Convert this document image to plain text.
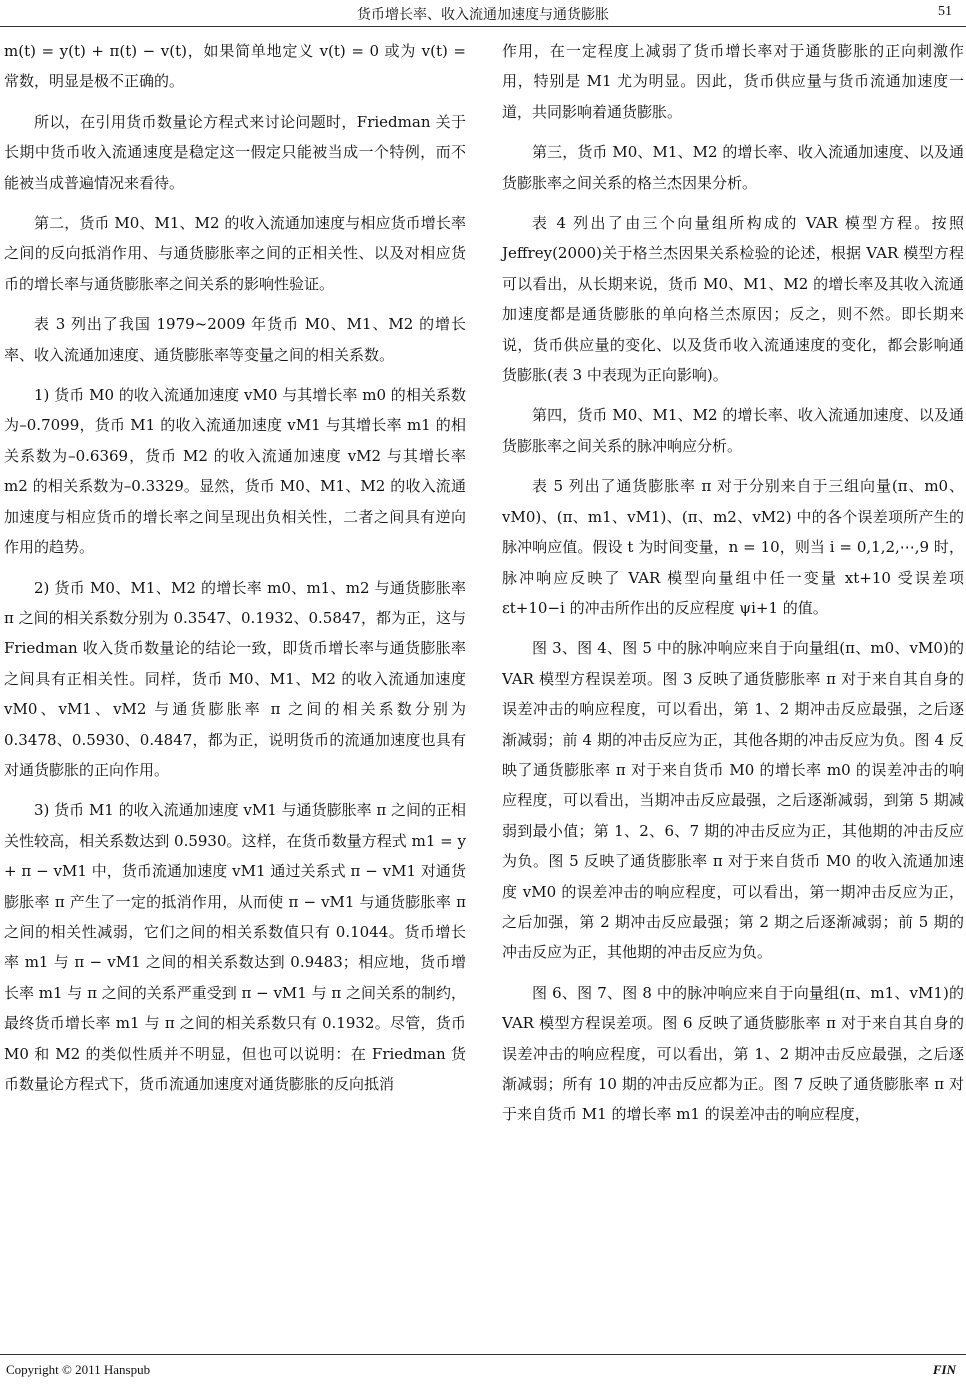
货币增长率、收入流通加速度与通货膨胀	51

m(t) = y(t) + π(t) − v(t)，如果简单地定义 v(t) = 0 或为 v(t) = 常数，明显是极不正确的。

所以，在引用货币数量论方程式来讨论问题时，Friedman 关于长期中货币收入流通速度是稳定这一假定只能被当成一个特例，而不能被当成普遍情况来看待。

第二，货币 M0、M1、M2 的收入流通加速度与相应货币增长率之间的反向抵消作用、与通货膨胀率之间的正相关性、以及对相应货币的增长率与通货膨胀率之间关系的影响性验证。

表 3 列出了我国 1979~2009 年货币 M0、M1、M2 的增长率、收入流通加速度、通货膨胀率等变量之间的相关系数。

1) 货币 M0 的收入流通加速度 vM0 与其增长率 m0 的相关系数为–0.7099，货币 M1 的收入流通加速度 vM1 与其增长率 m1 的相关系数为–0.6369，货币 M2 的收入流通加速度 vM2 与其增长率 m2 的相关系数为–0.3329。显然，货币 M0、M1、M2 的收入流通加速度与相应货币的增长率之间呈现出负相关性，二者之间具有逆向作用的趋势。

2) 货币 M0、M1、M2 的增长率 m0、m1、m2 与通货膨胀率 π 之间的相关系数分别为 0.3547、0.1932、0.5847，都为正，这与 Friedman 收入货币数量论的结论一致，即货币增长率与通货膨胀率之间具有正相关性。同样，货币 M0、M1、M2 的收入流通加速度 vM0、vM1、vM2 与通货膨胀率 π 之间的相关系数分别为 0.3478、0.5930、0.4847，都为正，说明货币的流通加速度也具有对通货膨胀的正向作用。

3) 货币 M1 的收入流通加速度 vM1 与通货膨胀率 π 之间的正相关性较高，相关系数达到 0.5930。这样，在货币数量方程式 m1 = y + π − vM1 中，货币流通加速度 vM1 通过关系式 π − vM1 对通货膨胀率 π 产生了一定的抵消作用，从而使 π − vM1 与通货膨胀率 π 之间的相关性减弱，它们之间的相关系数值只有 0.1044。货币增长率 m1 与 π − vM1 之间的相关系数达到 0.9483；相应地，货币增长率 m1 与 π 之间的关系严重受到 π − vM1 与 π 之间关系的制约，最终货币增长率 m1 与 π 之间的相关系数只有 0.1932。尽管，货币 M0 和 M2 的类似性质并不明显，但也可以说明：在 Friedman 货币数量论方程式下，货币流通加速度对通货膨胀的反向抵消

作用，在一定程度上减弱了货币增长率对于通货膨胀的正向刺激作用，特别是 M1 尤为明显。因此，货币供应量与货币流通加速度一道，共同影响着通货膨胀。

第三，货币 M0、M1、M2 的增长率、收入流通加速度、以及通货膨胀率之间关系的格兰杰因果分析。

表 4 列出了由三个向量组所构成的 VAR 模型方程。按照 Jeffrey(2000)关于格兰杰因果关系检验的论述，根据 VAR 模型方程可以看出，从长期来说，货币 M0、M1、M2 的增长率及其收入流通加速度都是通货膨胀的单向格兰杰原因；反之，则不然。即长期来说，货币供应量的变化、以及货币收入流通速度的变化，都会影响通货膨胀(表 3 中表现为正向影响)。

第四，货币 M0、M1、M2 的增长率、收入流通加速度、以及通货膨胀率之间关系的脉冲响应分析。

表 5 列出了通货膨胀率 π 对于分别来自于三组向量(π、m0、vM0)、(π、m1、vM1)、(π、m2、vM2) 中的各个误差项所产生的脉冲响应值。假设 t 为时间变量，n = 10，则当 i = 0,1,2,⋯,9 时，脉冲响应反映了 VAR 模型向量组中任一变量 xt+10 受误差项 εt+10−i 的冲击所作出的反应程度 ψi+1 的值。

图 3、图 4、图 5 中的脉冲响应来自于向量组(π、m0、vM0)的 VAR 模型方程误差项。图 3 反映了通货膨胀率 π 对于来自其自身的误差冲击的响应程度，可以看出，第 1、2 期冲击反应最强，之后逐渐减弱；前 4 期的冲击反应为正，其他各期的冲击反应为负。图 4 反映了通货膨胀率 π 对于来自货币 M0 的增长率 m0 的误差冲击的响应程度，可以看出，当期冲击反应最强，之后逐渐减弱，到第 5 期减弱到最小值；第 1、2、6、7 期的冲击反应为正，其他期的冲击反应为负。图 5 反映了通货膨胀率 π 对于来自货币 M0 的收入流通加速度 vM0 的误差冲击的响应程度，可以看出，第一期冲击反应为正，之后加强，第 2 期冲击反应最强；第 2 期之后逐渐减弱；前 5 期的冲击反应为正，其他期的冲击反应为负。

图 6、图 7、图 8 中的脉冲响应来自于向量组(π、m1、vM1)的 VAR 模型方程误差项。图 6 反映了通货膨胀率 π 对于来自其自身的误差冲击的响应程度，可以看出，第 1、2 期冲击反应最强，之后逐渐减弱；所有 10 期的冲击反应都为正。图 7 反映了通货膨胀率 π 对于来自货币 M1 的增长率 m1 的误差冲击的响应程度，

Copyright © 2011 Hanspub	FIN
